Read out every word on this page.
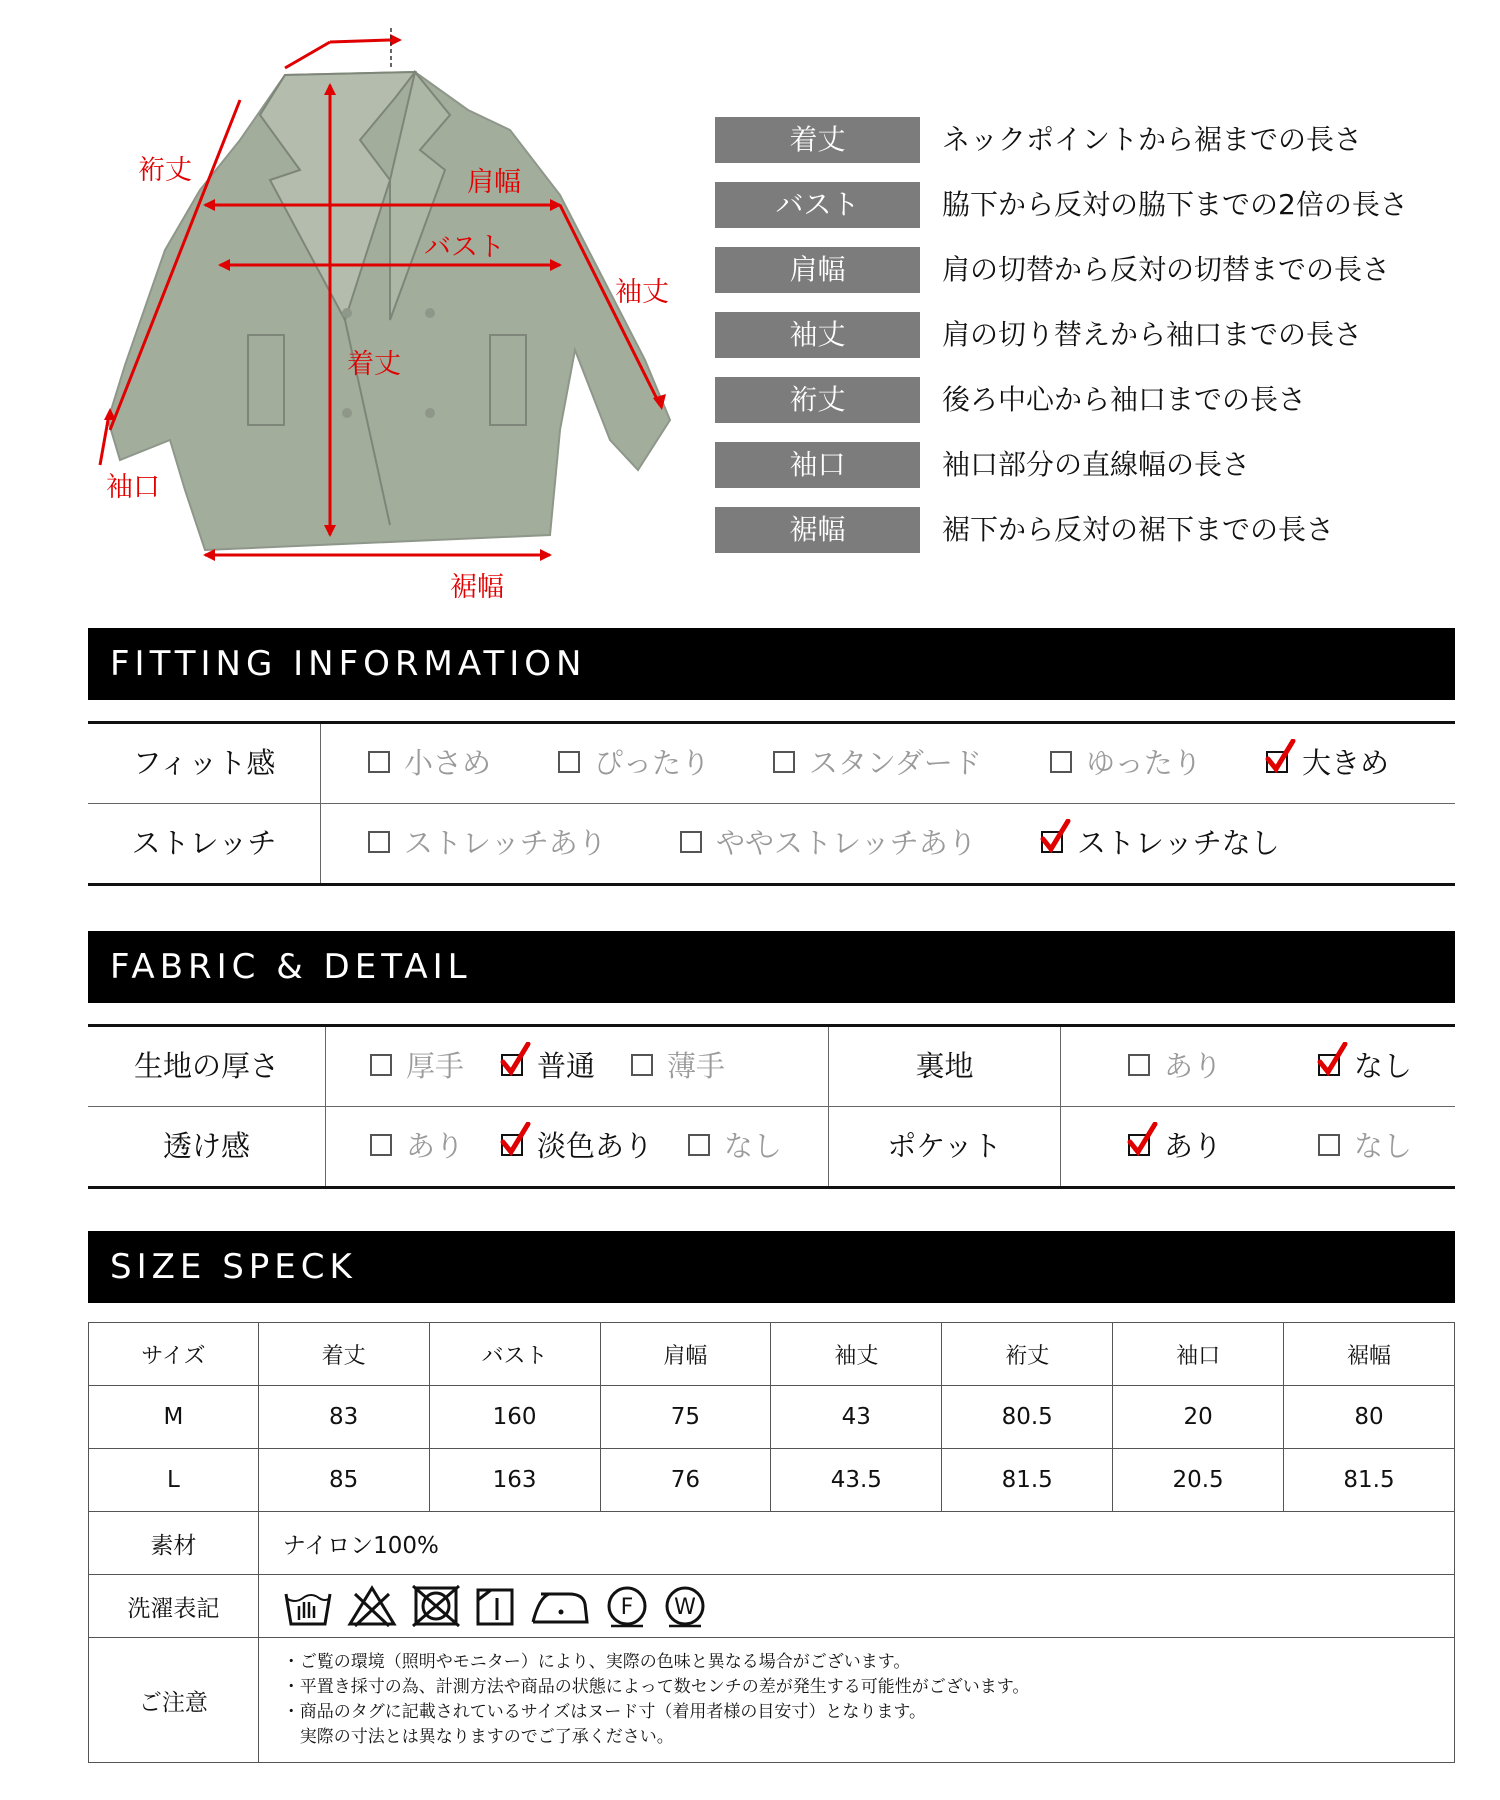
裄丈	肩幅
バスト
袖丈
着丈
袖口
裾幅
着丈	ネックポイントから裾までの長さ
バスト	脇下から反対の脇下までの2倍の長さ
肩幅	肩の切替から反対の切替までの長さ
袖丈	肩の切り替えから袖口までの長さ
裄丈	後ろ中心から袖口までの長さ
袖口	袖口部分の直線幅の長さ
裾幅	裾下から反対の裾下までの長さ
FITTING INFORMATION
フィット感	小さめ	ぴったり	スタンダード	ゆったり	大きめ
ストレッチ	ストレッチあり	ややストレッチあり	ストレッチなし
FABRIC & DETAIL
生地の厚さ	厚手	普通	薄手	裏地	あり	なし
透け感	あり	淡色あり	なし	ポケット	あり	なし
SIZE SPECK
サイズ	着丈	バスト	肩幅	袖丈	裄丈	袖口	裾幅
M	83	160	75	43	80.5	20	80
L	85	163	76	43.5	81.5	20.5	81.5
素材	ナイロン100%						
洗濯表記	F W						

ご注意	・ご覧の環境（照明やモニター）により、実際の色味と異なる場合がございます。
・平置き採寸の為、計測方法や商品の状態によって数センチの差が発生する可能性がございます。
・商品のタグに記載されているサイズはヌード寸（着用者様の目安寸）となります。
　実際の寸法とは異なりますのでご了承ください。						
